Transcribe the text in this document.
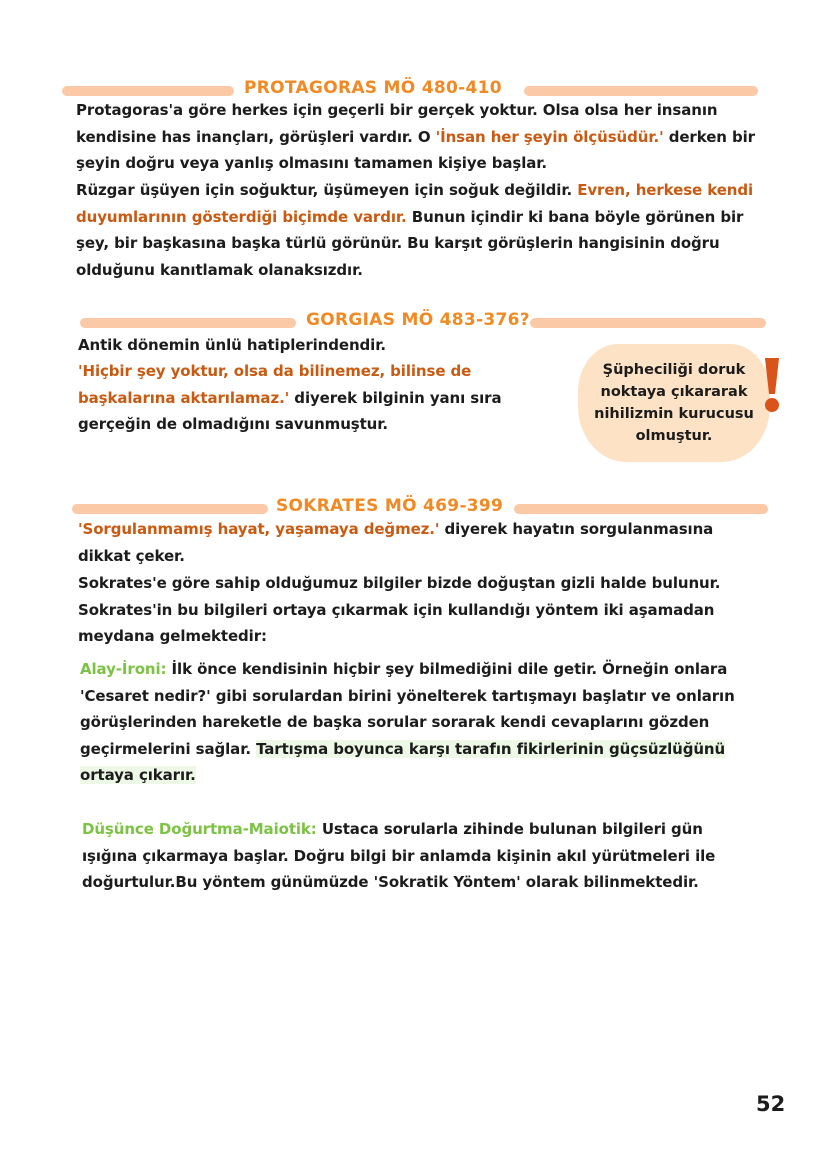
PROTAGORAS MÖ 480-410
Protagoras'a göre herkes için geçerli bir gerçek yoktur. Olsa olsa her insanın kendisine has inançları, görüşleri vardır. O 'İnsan her şeyin ölçüsüdür.' derken bir şeyin doğru veya yanlış olmasını tamamen kişiye başlar.
Rüzgar üşüyen için soğuktur, üşümeyen için soğuk değildir. Evren, herkese kendi duyumlarının gösterdiği biçimde vardır. Bunun içindir ki bana böyle görünen bir şey, bir başkasına başka türlü görünür. Bu karşıt görüşlerin hangisinin doğru olduğunu kanıtlamak olanaksızdır.
GORGIAS MÖ 483-376?
Antik dönemin ünlü hatiplerindendir.
'Hiçbir şey yoktur, olsa da bilinemez, bilinse de başkalarına aktarılamaz.' diyerek bilginin yanı sıra gerçeğin de olmadığını savunmuştur.
Şüpheciliği doruk noktaya çıkararak nihilizmin kurucusu olmuştur.
SOKRATES MÖ 469-399
'Sorgulanmamış hayat, yaşamaya değmez.' diyerek hayatın sorgulanmasına dikkat çeker.
Sokrates'e göre sahip olduğumuz bilgiler bizde doğuştan gizli halde bulunur. Sokrates'in bu bilgileri ortaya çıkarmak için kullandığı yöntem iki aşamadan meydana gelmektedir:
Alay-İroni: İlk önce kendisinin hiçbir şey bilmediğini dile getir. Örneğin onlara 'Cesaret nedir?' gibi sorulardan birini yönelterek tartışmayı başlatır ve onların görüşlerinden hareketle de başka sorular sorarak kendi cevaplarını gözden geçirmelerini sağlar. Tartışma boyunca karşı tarafın fikirlerinin güçsüzlüğünü ortaya çıkarır.
Düşünce Doğurtma-Maiotik: Ustaca sorularla zihinde bulunan bilgileri gün ışığına çıkarmaya başlar. Doğru bilgi bir anlamda kişinin akıl yürütmeleri ile doğurtulur.Bu yöntem günümüzde 'Sokratik Yöntem' olarak bilinmektedir.
52
